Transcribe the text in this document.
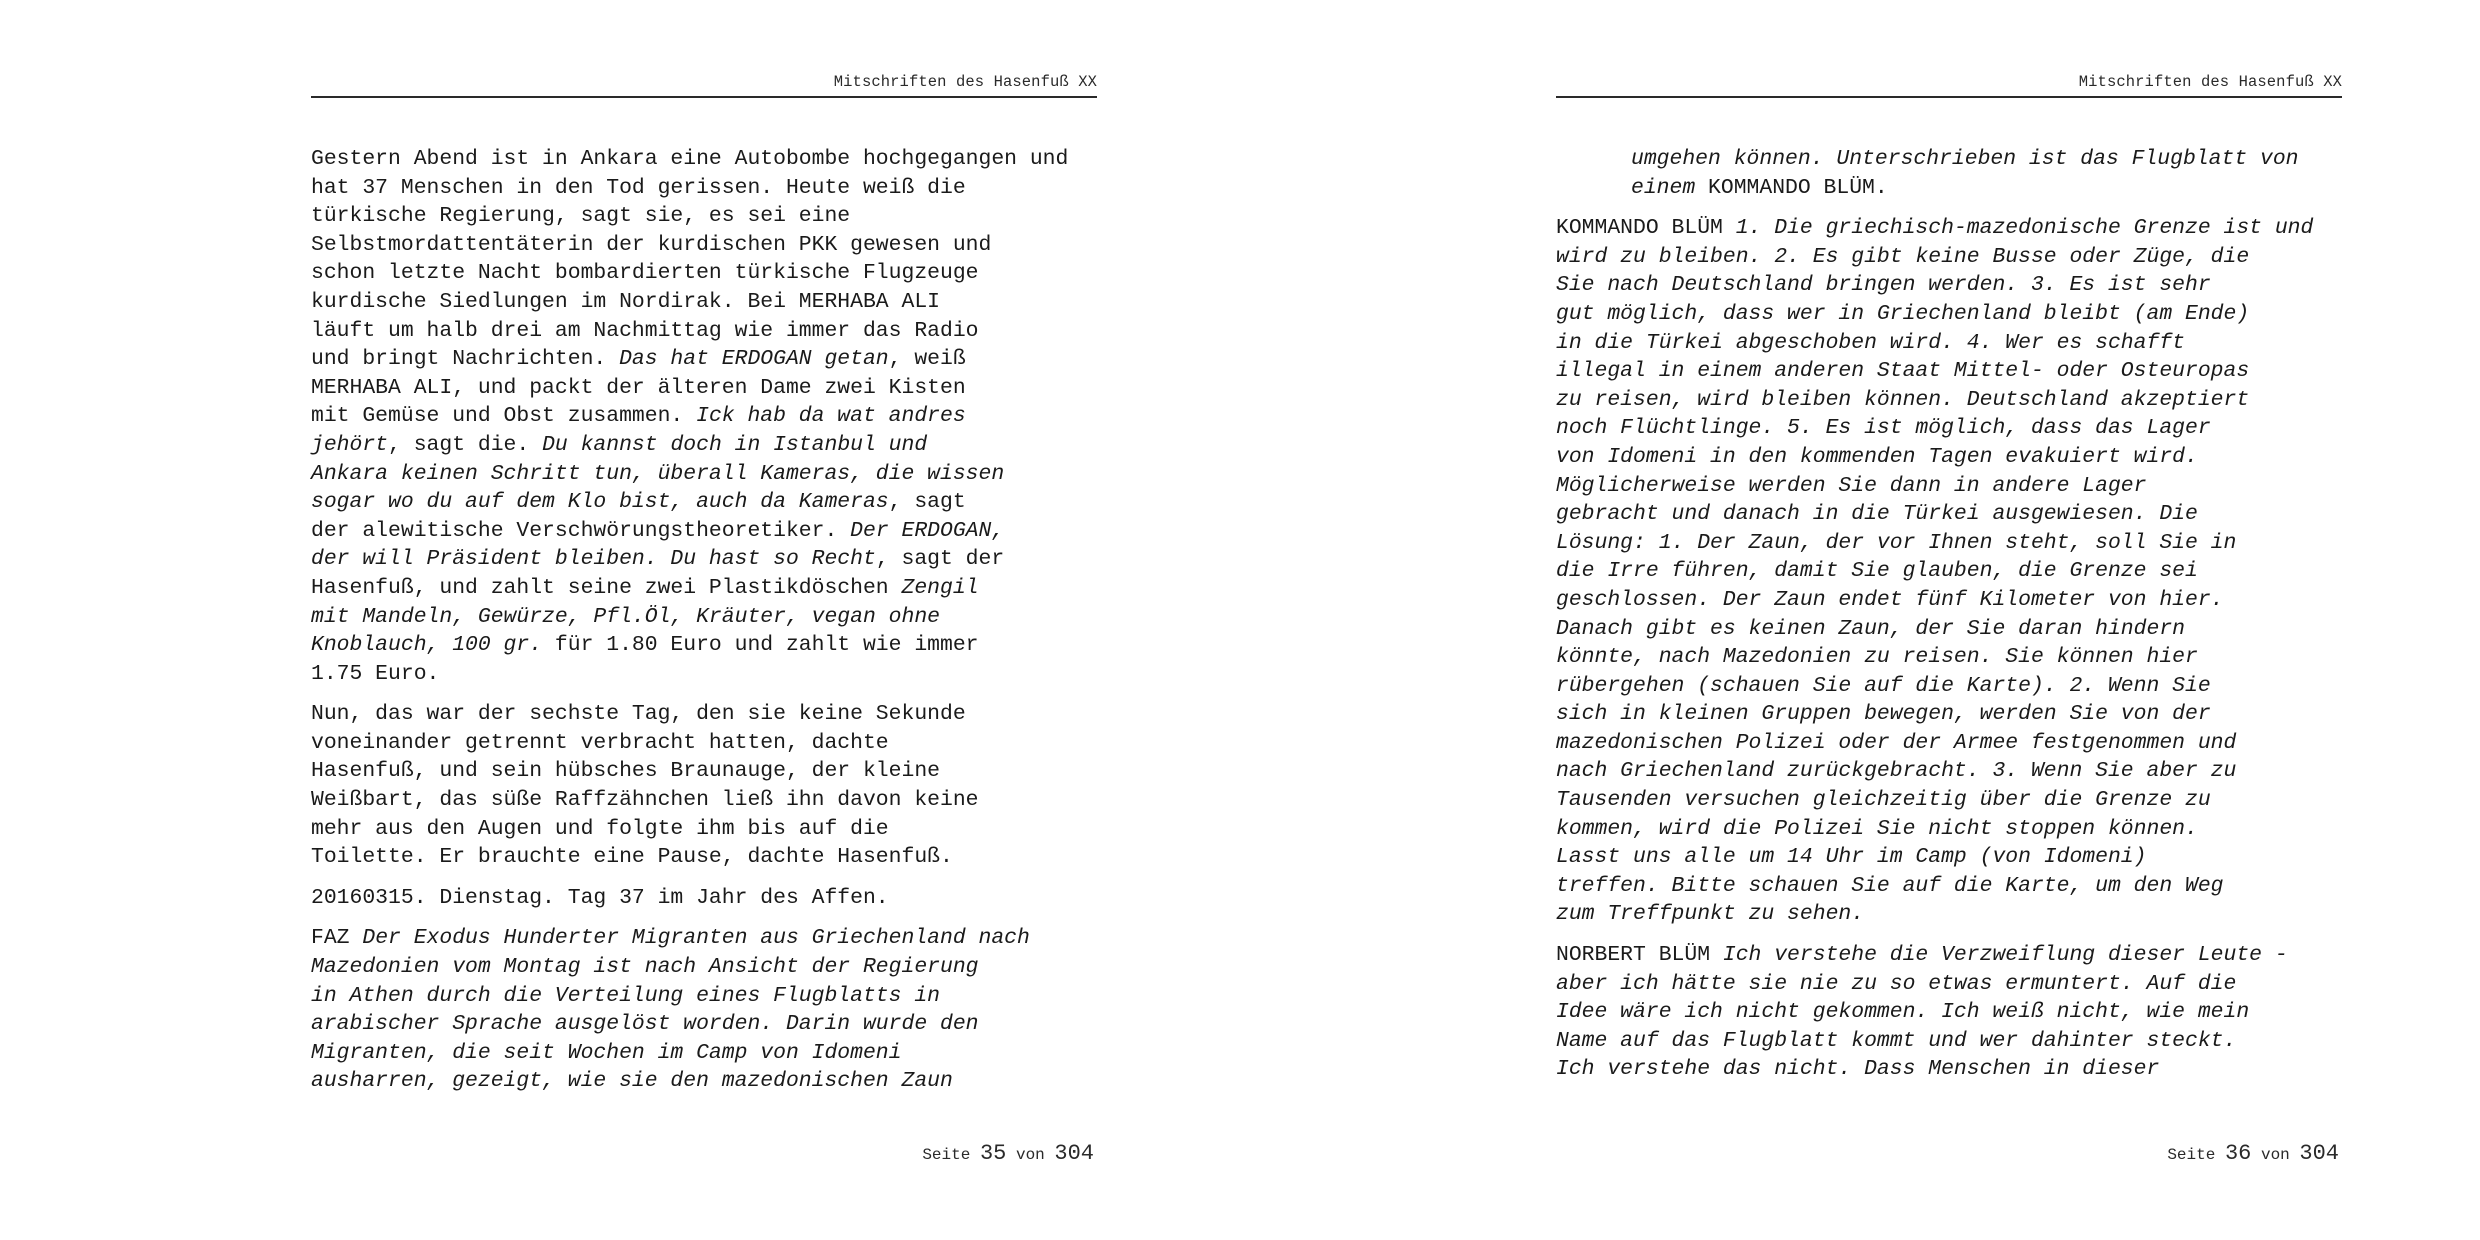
Mitschriften des Hasenfuß XX
Gestern Abend ist in Ankara eine Autobombe hochgegangen und
hat 37 Menschen in den Tod gerissen. Heute weiß die
türkische Regierung, sagt sie, es sei eine
Selbstmordattentäterin der kurdischen PKK gewesen und
schon letzte Nacht bombardierten türkische Flugzeuge
kurdische Siedlungen im Nordirak. Bei MERHABA ALI
läuft um halb drei am Nachmittag wie immer das Radio
und bringt Nachrichten. Das hat ERDOGAN getan, weiß
MERHABA ALI, und packt der älteren Dame zwei Kisten
mit Gemüse und Obst zusammen. Ick hab da wat andres
jehört, sagt die. Du kannst doch in Istanbul und
Ankara keinen Schritt tun, überall Kameras, die wissen
sogar wo du auf dem Klo bist, auch da Kameras, sagt
der alewitische Verschwörungstheoretiker. Der ERDOGAN,
der will Präsident bleiben. Du hast so Recht, sagt der
Hasenfuß, und zahlt seine zwei Plastikdöschen Zengil
mit Mandeln, Gewürze, Pfl.Öl, Kräuter, vegan ohne
Knoblauch, 100 gr. für 1.80 Euro und zahlt wie immer
1.75 Euro.
Nun, das war der sechste Tag, den sie keine Sekunde
voneinander getrennt verbracht hatten, dachte
Hasenfuß, und sein hübsches Braunauge, der kleine
Weißbart, das süße Raffzähnchen ließ ihn davon keine
mehr aus den Augen und folgte ihm bis auf die
Toilette. Er brauchte eine Pause, dachte Hasenfuß.
20160315. Dienstag. Tag 37 im Jahr des Affen.
FAZ Der Exodus Hunderter Migranten aus Griechenland nach
Mazedonien vom Montag ist nach Ansicht der Regierung
in Athen durch die Verteilung eines Flugblatts in
arabischer Sprache ausgelöst worden. Darin wurde den
Migranten, die seit Wochen im Camp von Idomeni
ausharren, gezeigt, wie sie den mazedonischen Zaun
Seite 35 von 304
Mitschriften des Hasenfuß XX
umgehen können. Unterschrieben ist das Flugblatt von
einem KOMMANDO BLÜM.
KOMMANDO BLÜM 1. Die griechisch-mazedonische Grenze ist und
wird zu bleiben. 2. Es gibt keine Busse oder Züge, die
Sie nach Deutschland bringen werden. 3. Es ist sehr
gut möglich, dass wer in Griechenland bleibt (am Ende)
in die Türkei abgeschoben wird. 4. Wer es schafft
illegal in einem anderen Staat Mittel- oder Osteuropas
zu reisen, wird bleiben können. Deutschland akzeptiert
noch Flüchtlinge. 5. Es ist möglich, dass das Lager
von Idomeni in den kommenden Tagen evakuiert wird.
Möglicherweise werden Sie dann in andere Lager
gebracht und danach in die Türkei ausgewiesen. Die
Lösung: 1. Der Zaun, der vor Ihnen steht, soll Sie in
die Irre führen, damit Sie glauben, die Grenze sei
geschlossen. Der Zaun endet fünf Kilometer von hier.
Danach gibt es keinen Zaun, der Sie daran hindern
könnte, nach Mazedonien zu reisen. Sie können hier
rübergehen (schauen Sie auf die Karte). 2. Wenn Sie
sich in kleinen Gruppen bewegen, werden Sie von der
mazedonischen Polizei oder der Armee festgenommen und
nach Griechenland zurückgebracht. 3. Wenn Sie aber zu
Tausenden versuchen gleichzeitig über die Grenze zu
kommen, wird die Polizei Sie nicht stoppen können.
Lasst uns alle um 14 Uhr im Camp (von Idomeni)
treffen. Bitte schauen Sie auf die Karte, um den Weg
zum Treffpunkt zu sehen.
NORBERT BLÜM Ich verstehe die Verzweiflung dieser Leute -
aber ich hätte sie nie zu so etwas ermuntert. Auf die
Idee wäre ich nicht gekommen. Ich weiß nicht, wie mein
Name auf das Flugblatt kommt und wer dahinter steckt.
Ich verstehe das nicht. Dass Menschen in dieser
Seite 36 von 304
